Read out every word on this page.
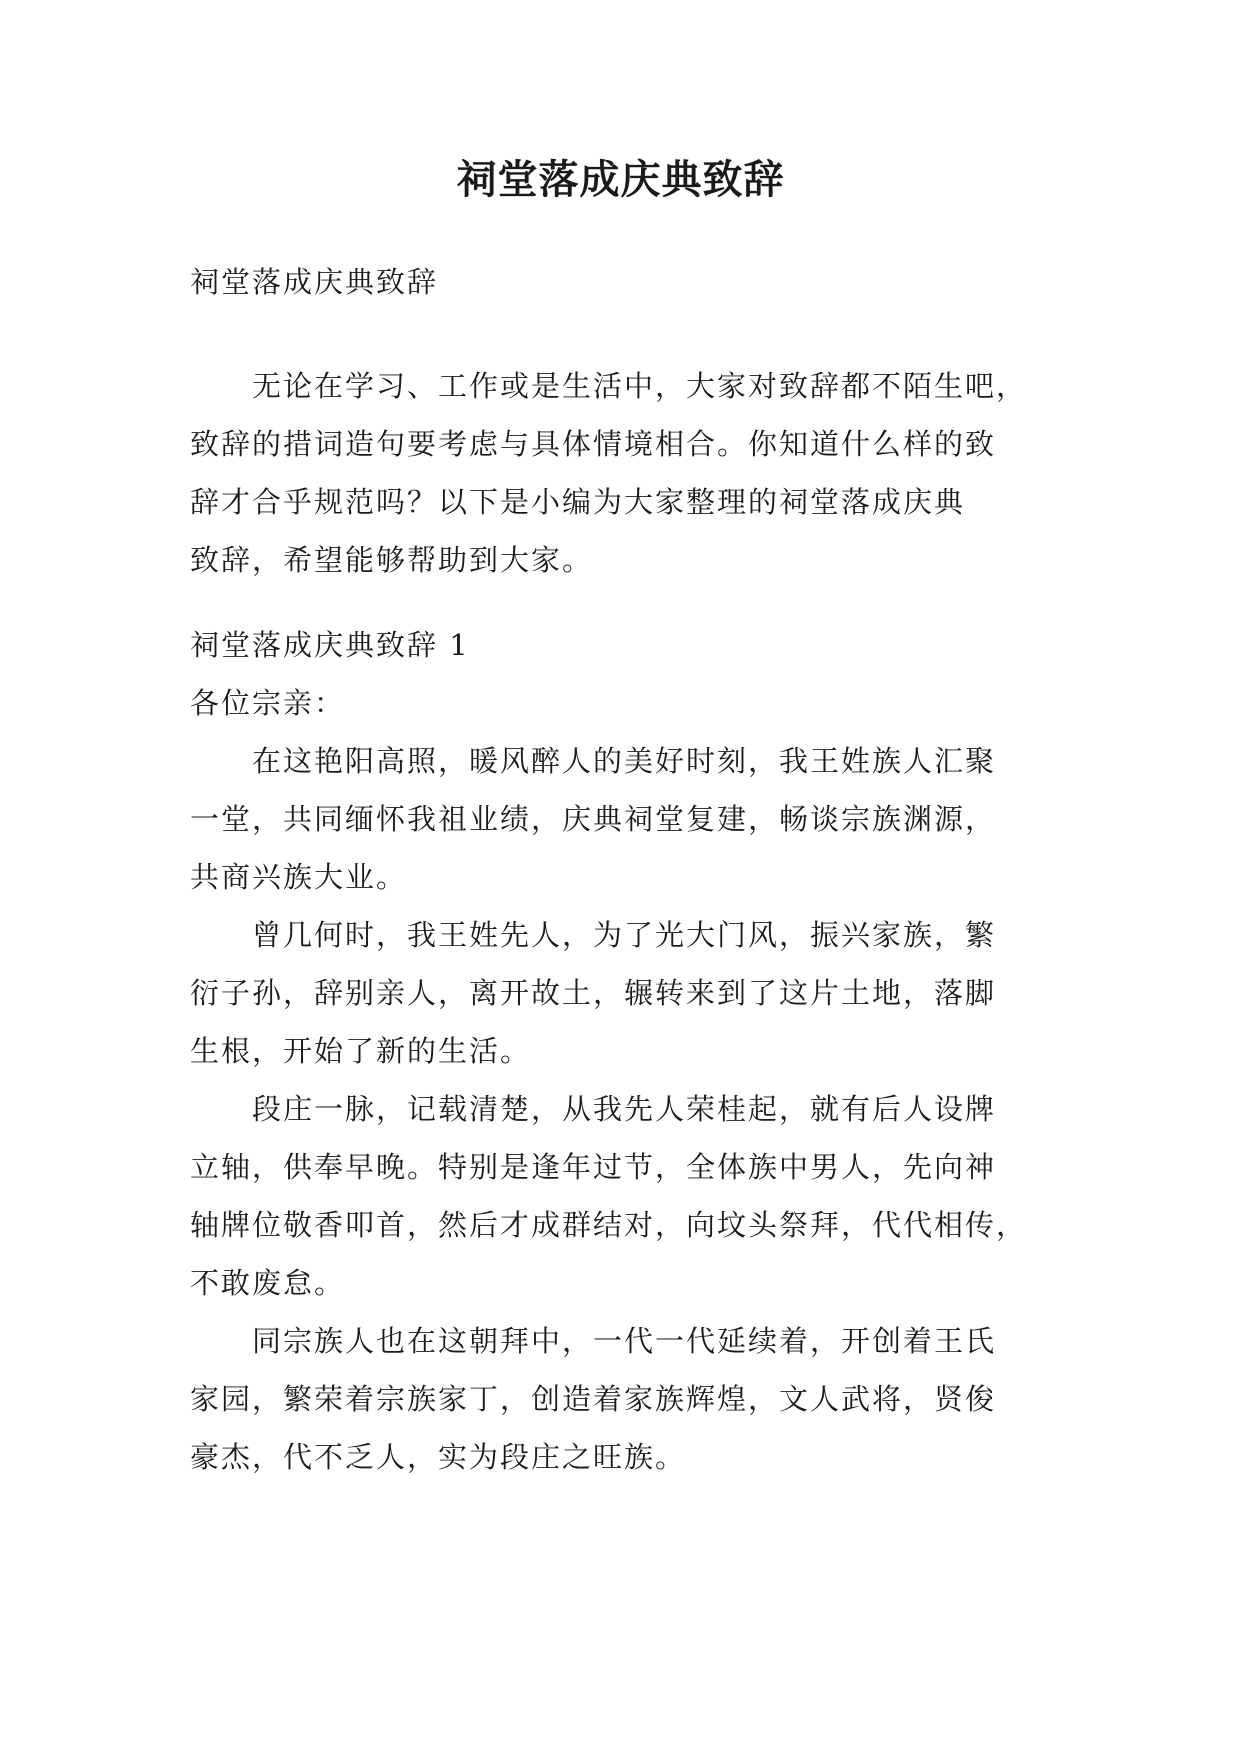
祠堂落成庆典致辞

祠堂落成庆典致辞

　　无论在学习、工作或是生活中，大家对致辞都不陌生吧，

致辞的措词造句要考虑与具体情境相合。你知道什么样的致

辞才合乎规范吗？以下是小编为大家整理的祠堂落成庆典

致辞，希望能够帮助到大家。

祠堂落成庆典致辞 1

各位宗亲：

　　在这艳阳高照，暖风醉人的美好时刻，我王姓族人汇聚

一堂，共同缅怀我祖业绩，庆典祠堂复建，畅谈宗族渊源，

共商兴族大业。

　　曾几何时，我王姓先人，为了光大门风，振兴家族，繁

衍子孙，辞别亲人，离开故土，辗转来到了这片土地，落脚

生根，开始了新的生活。

　　段庄一脉，记载清楚，从我先人荣桂起，就有后人设牌

立轴，供奉早晚。特别是逢年过节，全体族中男人，先向神

轴牌位敬香叩首，然后才成群结对，向坟头祭拜，代代相传，

不敢废怠。

　　同宗族人也在这朝拜中，一代一代延续着，开创着王氏

家园，繁荣着宗族家丁，创造着家族辉煌，文人武将，贤俊

豪杰，代不乏人，实为段庄之旺族。
